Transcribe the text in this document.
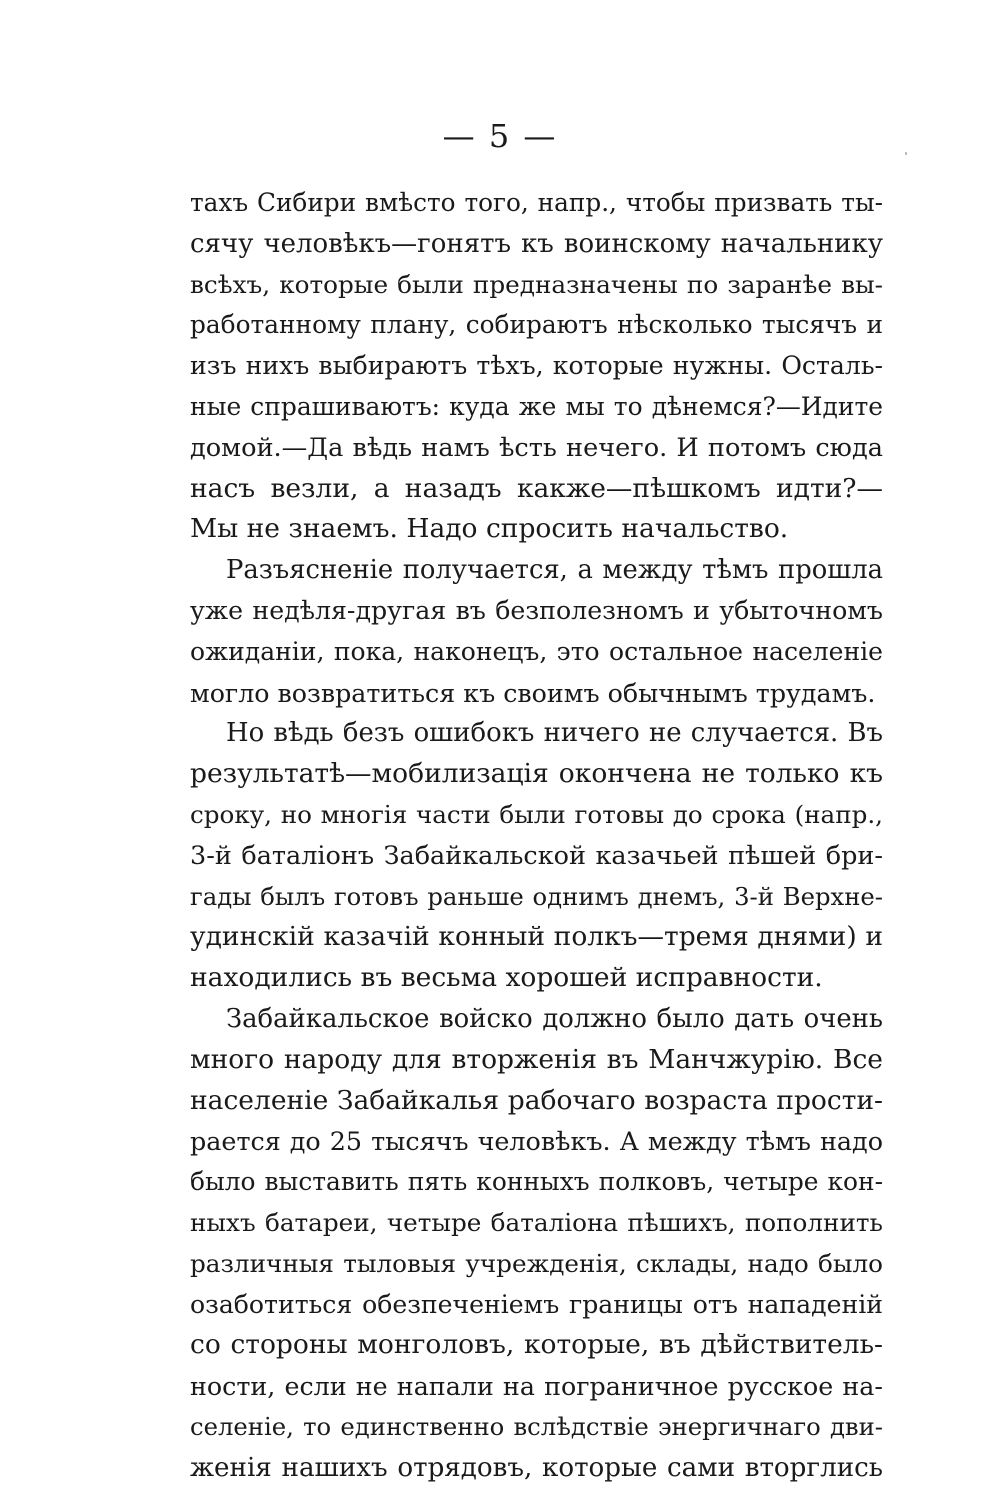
— 5 —
тахъ Сибири вмѣсто того, напр., чтобы призвать ты-
сячу человѣкъ—гонятъ къ воинскому начальнику
всѣхъ, которые были предназначены по заранѣе вы-
работанному плану, собираютъ нѣсколько тысячъ и
изъ нихъ выбираютъ тѣхъ, которые нужны. Осталь-
ные спрашиваютъ: куда же мы то дѣнемся?—Идите
домой.—Да вѣдь намъ ѣсть нечего. И потомъ сюда
насъ везли, а назадъ какже—пѣшкомъ идти?—
Мы не знаемъ. Надо спросить начальство.
Разъясненіе получается, а между тѣмъ прошла
уже недѣля-другая въ безполезномъ и убыточномъ
ожиданіи, пока, наконецъ, это остальное населеніе
могло возвратиться къ своимъ обычнымъ трудамъ.
Но вѣдь безъ ошибокъ ничего не случается. Въ
результатѣ—мобилизація окончена не только къ
сроку, но многія части были готовы до срока (напр.,
3-й баталіонъ Забайкальской казачьей пѣшей бри-
гады былъ готовъ раньше однимъ днемъ, 3-й Верхне-
удинскій казачій конный полкъ—тремя днями) и
находились въ весьма хорошей исправности.
Забайкальское войско должно было дать очень
много народу для вторженія въ Манчжурію. Все
населеніе Забайкалья рабочаго возраста прости-
рается до 25 тысячъ человѣкъ. А между тѣмъ надо
было выставить пять конныхъ полковъ, четыре кон-
ныхъ батареи, четыре баталіона пѣшихъ, пополнить
различныя тыловыя учрежденія, склады, надо было
озаботиться обезпеченіемъ границы отъ нападеній
со стороны монголовъ, которые, въ дѣйствитель-
ности, если не напали на пограничное русское на-
селеніе, то единственно вслѣдствіе энергичнаго дви-
женія нашихъ отрядовъ, которые сами вторглись
